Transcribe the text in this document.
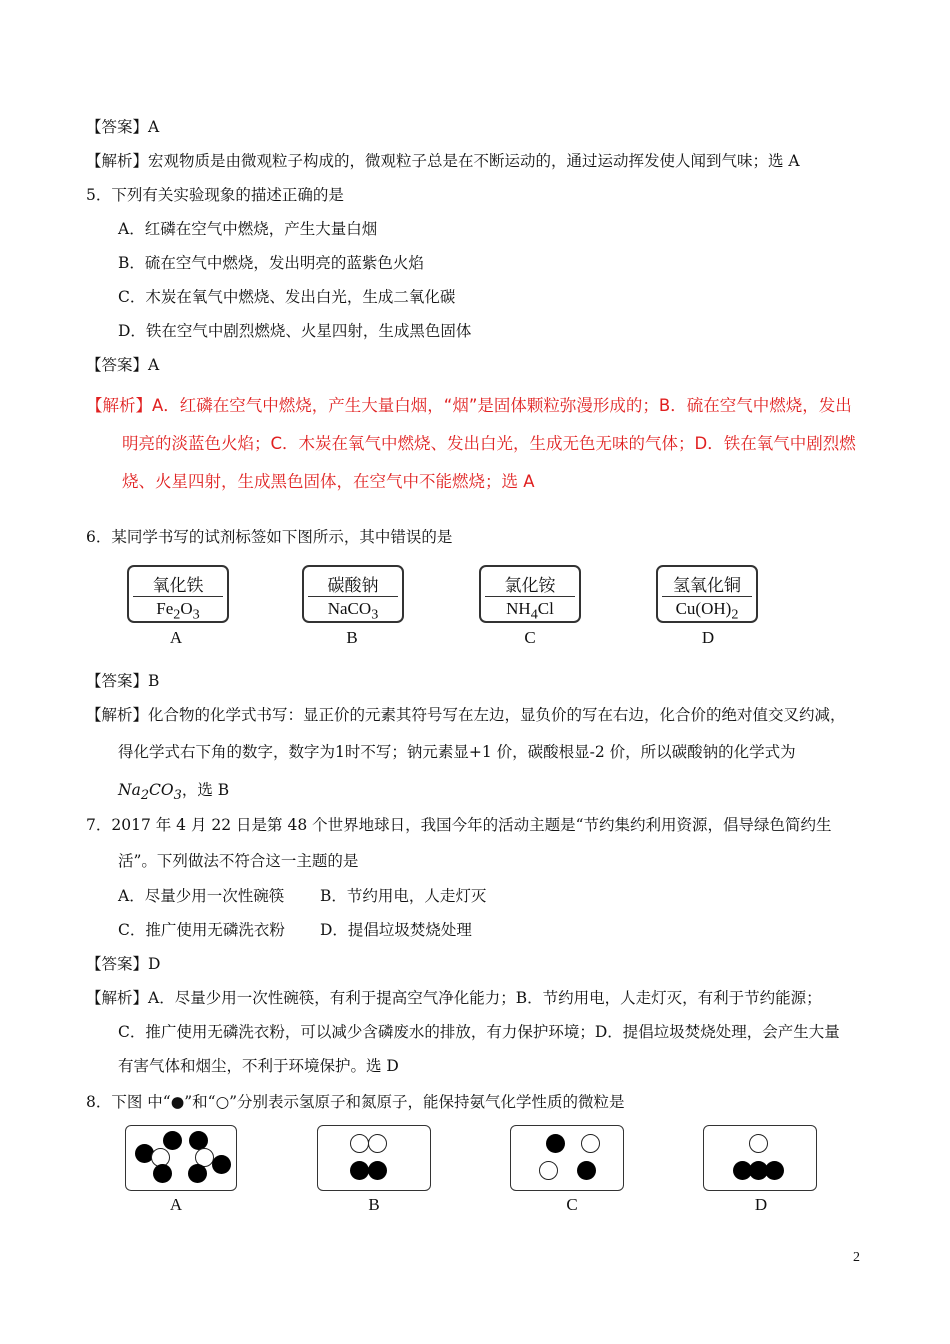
【答案】A
【解析】宏观物质是由微观粒子构成的，微观粒子总是在不断运动的，通过运动挥发使人闻到气味；选 A
5．下列有关实验现象的描述正确的是
A．红磷在空气中燃烧，产生大量白烟
B．硫在空气中燃烧，发出明亮的蓝紫色火焰
C．木炭在氧气中燃烧、发出白光，生成二氧化碳
D．铁在空气中剧烈燃烧、火星四射，生成黑色固体
【答案】A
【解析】A．红磷在空气中燃烧，产生大量白烟，“烟”是固体颗粒弥漫形成的；B．硫在空气中燃烧，发出
明亮的淡蓝色火焰；C．木炭在氧气中燃烧、发出白光，生成无色无味的气体；D．铁在氧气中剧烈燃
烧、火星四射，生成黑色固体，在空气中不能燃烧；选 A
6．某同学书写的试剂标签如下图所示，其中错误的是
氧化铁
$Fe_2O_3$
碳酸钠
NaCO$_3$
氯化铵
$NH_4Cl$
氢氧化铜
$Cu(OH)_2$
A	B	C	D
【答案】B
【解析】化合物的化学式书写：显正价的元素其符号写在左边，显负价的写在右边，化合价的绝对值交叉约减，
得化学式右下角的数字，数字为1时不写；钠元素显+1 价，碳酸根显-2 价，所以碳酸钠的化学式为
$Na_2CO_3$，选 B
7．2017 年 4 月 22 日是第 48 个世界地球日，我国今年的活动主题是“节约集约利用资源，倡导绿色简约生
活”。下列做法不符合这一主题的是
A．尽量少用一次性碗筷 B．节约用电，人走灯灭
C．推广使用无磷洗衣粉 D．提倡垃圾焚烧处理
【答案】D
【解析】A．尽量少用一次性碗筷，有利于提高空气净化能力；B．节约用电，人走灯灭，有利于节约能源；
C．推广使用无磷洗衣粉，可以减少含磷废水的排放，有力保护环境；D．提倡垃圾焚烧处理，会产生大量
有害气体和烟尘，不利于环境保护。选 D
8．下图 中“●”和“○”分别表示氢原子和氮原子，能保持氨气化学性质的微粒是
A	B	C	D
2
